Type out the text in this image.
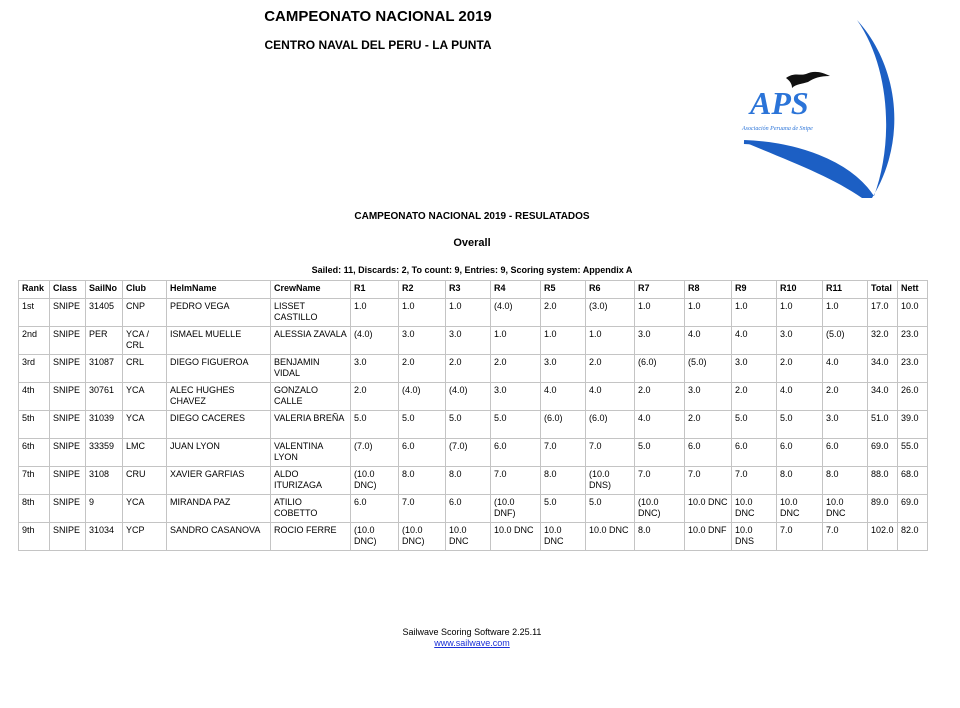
CAMPEONATO NACIONAL 2019
CENTRO NAVAL DEL PERU - LA PUNTA
APS
Asociación Peruana de Snipe
CAMPEONATO NACIONAL 2019 - RESULATADOS
Overall
Sailed: 11, Discards: 2, To count: 9, Entries: 9, Scoring system: Appendix A
Rank	Class	SailNo	Club	HelmName	CrewName	R1	R2	R3	R4	R5	R6	R7	R8	R9	R10	R11	Total	Nett
1st	SNIPE	31405	CNP	PEDRO VEGA	LISSET CASTILLO	1.0	1.0	1.0	(4.0)	2.0	(3.0)	1.0	1.0	1.0	1.0	1.0	17.0	10.0
2nd	SNIPE	PER	YCA / CRL	ISMAEL MUELLE	ALESSIA ZAVALA	(4.0)	3.0	3.0	1.0	1.0	1.0	3.0	4.0	4.0	3.0	(5.0)	32.0	23.0
3rd	SNIPE	31087	CRL	DIEGO FIGUEROA	BENJAMIN VIDAL	3.0	2.0	2.0	2.0	3.0	2.0	(6.0)	(5.0)	3.0	2.0	4.0	34.0	23.0
4th	SNIPE	30761	YCA	ALEC HUGHES CHAVEZ	GONZALO CALLE	2.0	(4.0)	(4.0)	3.0	4.0	4.0	2.0	3.0	2.0	4.0	2.0	34.0	26.0
5th	SNIPE	31039	YCA	DIEGO CACERES	VALERIA BREÑA	5.0	5.0	5.0	5.0	(6.0)	(6.0)	4.0	2.0	5.0	5.0	3.0	51.0	39.0
6th	SNIPE	33359	LMC	JUAN LYON	VALENTINA LYON	(7.0)	6.0	(7.0)	6.0	7.0	7.0	5.0	6.0	6.0	6.0	6.0	69.0	55.0
7th	SNIPE	3108	CRU	XAVIER GARFIAS	ALDO ITURIZAGA	(10.0 DNC)	8.0	8.0	7.0	8.0	(10.0 DNS)	7.0	7.0	7.0	8.0	8.0	88.0	68.0
8th	SNIPE	9	YCA	MIRANDA PAZ	ATILIO COBETTO	6.0	7.0	6.0	(10.0 DNF)	5.0	5.0	(10.0 DNC)	10.0 DNC	10.0 DNC	10.0 DNC	10.0 DNC	89.0	69.0
9th	SNIPE	31034	YCP	SANDRO CASANOVA	ROCIO FERRE	(10.0 DNC)	(10.0 DNC)	10.0 DNC	10.0 DNC	10.0 DNC	10.0 DNC	8.0	10.0 DNF	10.0 DNS	7.0	7.0	102.0	82.0
Sailwave Scoring Software 2.25.11
www.sailwave.com
